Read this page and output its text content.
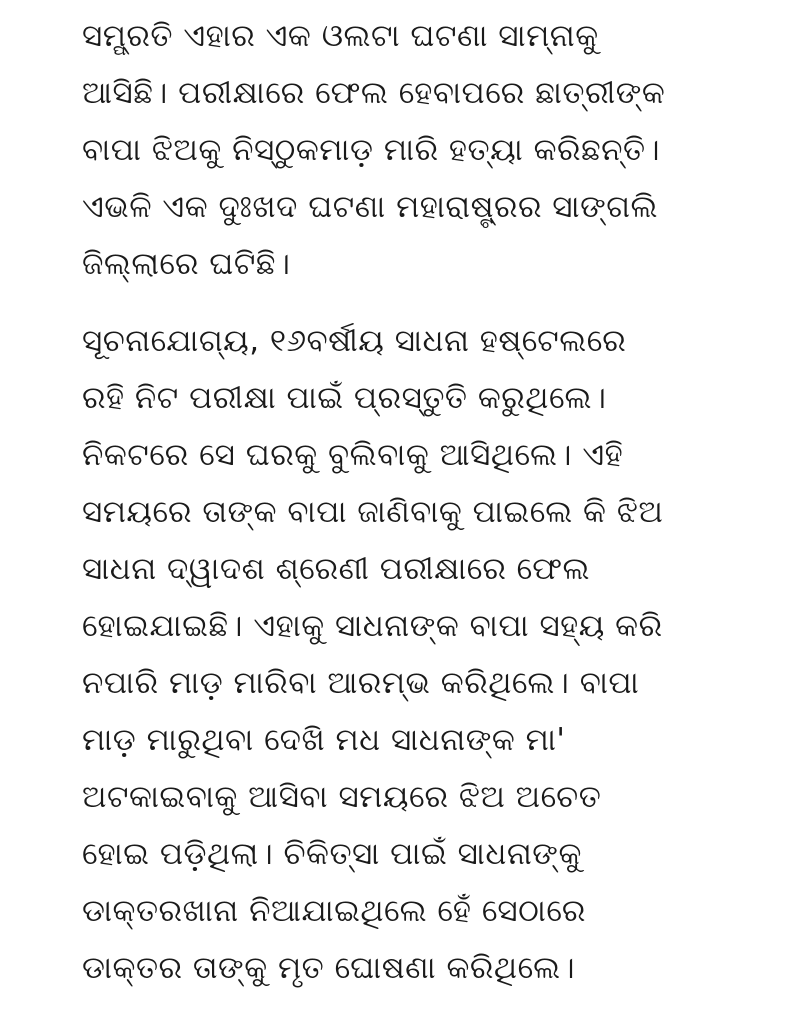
ସମ୍ପ୍ରତି ଏହାର ଏକ ଓଲଟା ଘଟଣା ସାମ୍ନାକୁ
ଆସିଛି। ପରୀକ୍ଷାରେ ଫେଲ ହେବାପରେ ଛାତ୍ରୀଙ୍କ
ବାପା ଝିଅକୁ ନିସ୍ଠୁକମାଡ଼ ମାରି ହତ୍ୟା କରିଛନ୍ତି।
ଏଭଳି ଏକ ଦୁଃଖଦ ଘଟଣା ମହାରାଷ୍ଟ୍ରର ସାଙ୍ଗଲି
ଜିଲ୍ଲାରେ ଘଟିଛି।
ସୂଚନାଯୋଗ୍ୟ, ୧୬ବର୍ଷୀୟ ସାଧନା ହଷ୍ଟେଲରେ
ରହି ନିଟ ପରୀକ୍ଷା ପାଇଁ ପ୍ରସ୍ତୁତି କରୁଥିଲେ।
ନିକଟରେ ସେ ଘରକୁ ବୁଲିବାକୁ ଆସିଥିଲେ। ଏହି
ସମୟରେ ତାଙ୍କ ବାପା ଜାଣିବାକୁ ପାଇଲେ କି ଝିଅ
ସାଧନା ଦ୍ୱାଦଶ ଶ୍ରେଣୀ ପରୀକ୍ଷାରେ ଫେଲ
ହୋଇଯାଇଛି। ଏହାକୁ ସାଧନାଙ୍କ ବାପା ସହ୍ୟ କରି
ନପାରି ମାଡ଼ ମାରିବା ଆରମ୍ଭ କରିଥିଲେ। ବାପା
ମାଡ଼ ମାରୁଥିବା ଦେଖି ମଧ ସାଧନାଙ୍କ ମା'
ଅଟକାଇବାକୁ ଆସିବା ସମୟରେ ଝିଅ ଅଚେତ
ହୋଇ ପଡ଼ିଥିଲା। ଚିକିତ୍ସା ପାଇଁ ସାଧନାଙ୍କୁ
ଡାକ୍ତରଖାନା ନିଆଯାଇଥିଲେ ହେଁ ସେଠାରେ
ଡାକ୍ତର ତାଙ୍କୁ ମୃତ ଘୋଷଣା କରିଥିଲେ।
